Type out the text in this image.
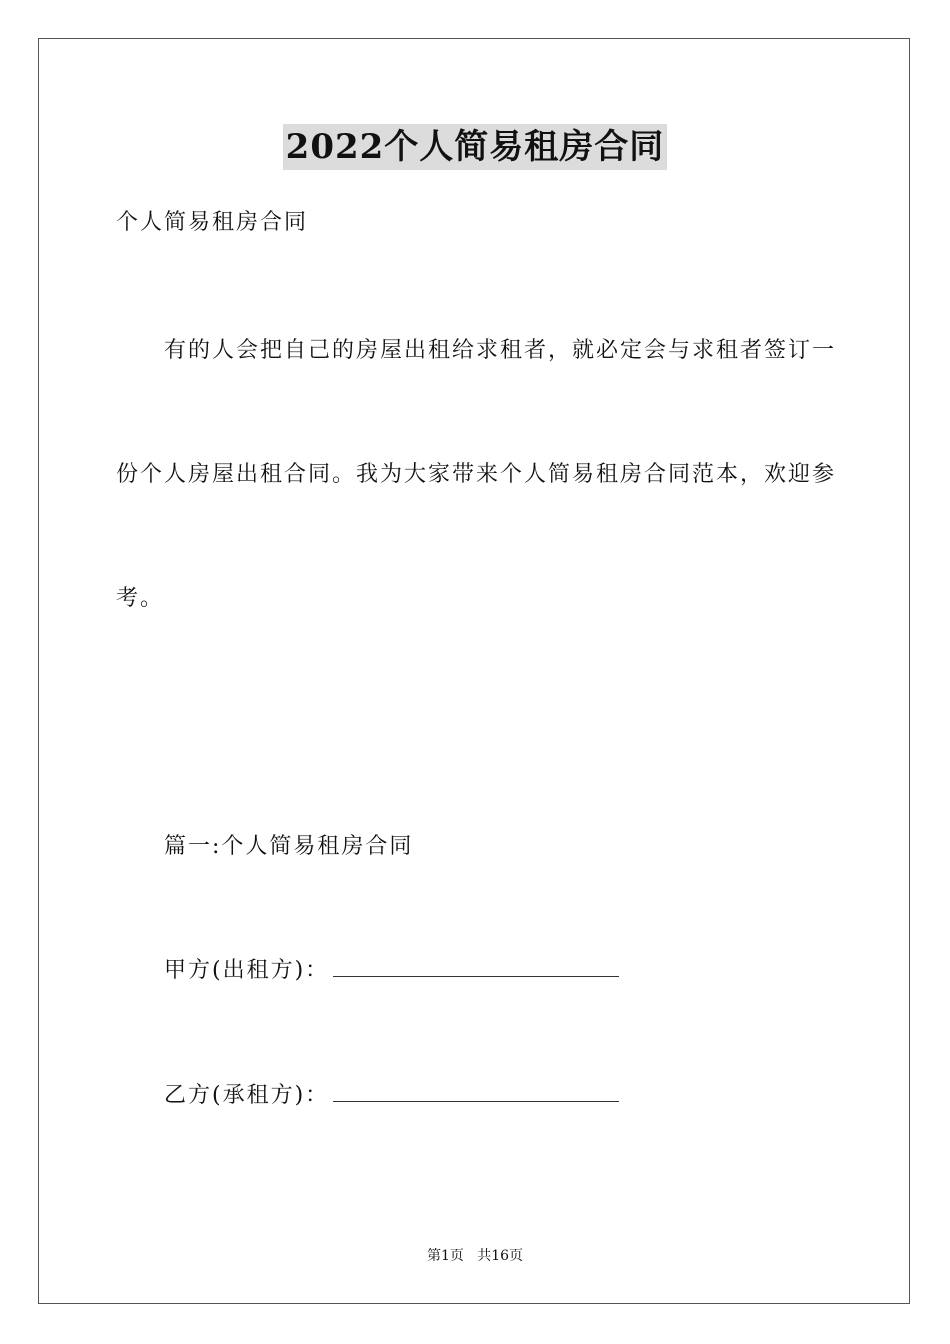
2022个人简易租房合同
个人简易租房合同
有的人会把自己的房屋出租给求租者，就必定会与求租者签订一
份个人房屋出租合同。我为大家带来个人简易租房合同范本，欢迎参
考。
篇一:个人简易租房合同
甲方(出租方)：
乙方(承租方)：
第1页   共16页
